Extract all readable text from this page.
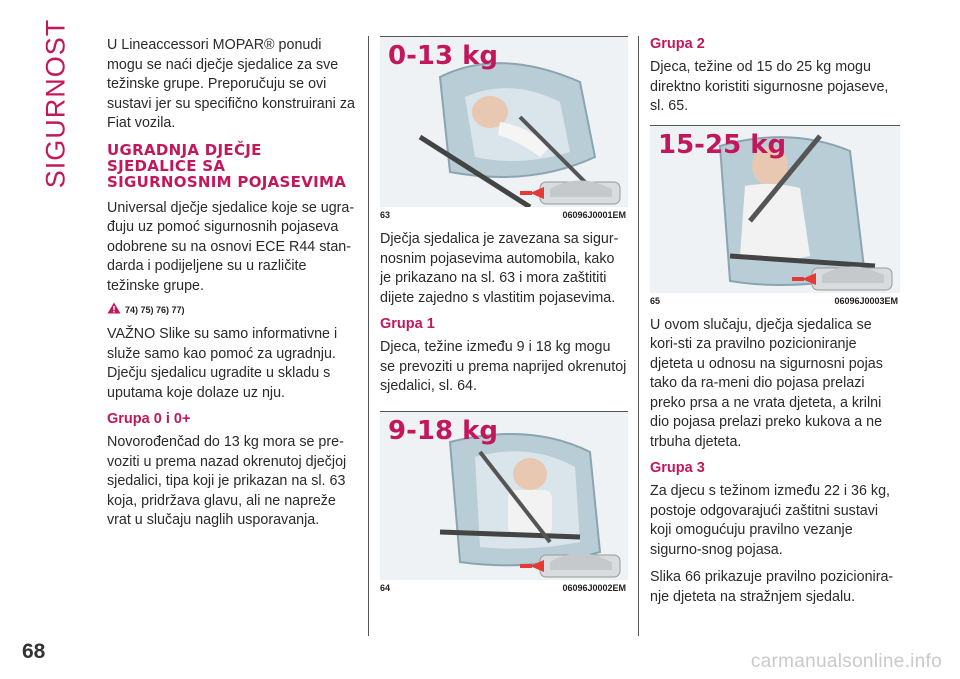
SIGURNOST	U Lineaccessori MOPAR® ponudi mogu se naći dječje sjedalice za sve težinske grupe. Preporučuju se ovi sustavi jer su specifično konstruirani za Fiat vozila.

UGRADNJA DJEČJE SJEDALICE SA SIGURNOSNIM POJASEVIMA

Universal dječje sjedalice koje se ugra-đuju uz pomoć sigurnosnih pojaseva odobrene su na osnovi ECE R44 stan-darda i podijeljene su u različite težinske grupe.

74) 75) 76) 77)

VAŽNO Slike su samo informativne i služe samo kao pomoć za ugradnju. Dječju sjedalicu ugradite u skladu s uputama koje dolaze uz nju.

Grupa 0 i 0+

Novorođenčad do 13 kg mora se pre-voziti u prema nazad okrenutoj dječjoj sjedalici, tipa koji je prikazan na sl. 63 koja, pridržava glavu, ali ne napreže vrat u slučaju naglih usporavanja.

0-13 kg
63	06096J0001EM

Dječja sjedalica je zavezana sa sigur-nosnim pojasevima automobila, kako je prikazano na sl. 63 i mora zaštititi dijete zajedno s vlastitim pojasevima.

Grupa 1

Djeca, težine između 9 i 18 kg mogu se prevoziti u prema naprijed okrenutoj sjedalici, sl. 64.

9-18 kg
64	06096J0002EM
Grupa 2

Djeca, težine od 15 do 25 kg mogu direktno koristiti sigurnosne pojaseve, sl. 65.

15-25 kg
65	06096J0003EM

U ovom slučaju, dječja sjedalica se kori-sti za pravilno pozicioniranje djeteta u odnosu na sigurnosni pojas tako da ra-meni dio pojasa prelazi preko prsa a ne vrata djeteta, a krilni dio pojasa prelazi preko kukova a ne trbuha djeteta.

Grupa 3

Za djecu s težinom između 22 i 36 kg, postoje odgovarajući zaštitni sustavi koji omogućuju pravilno vezanje sigurno-snog pojasa.

Slika 66 prikazuje pravilno pozicionira-nje djeteta na stražnjem sjedalu.

68	carmanualsonline.info
